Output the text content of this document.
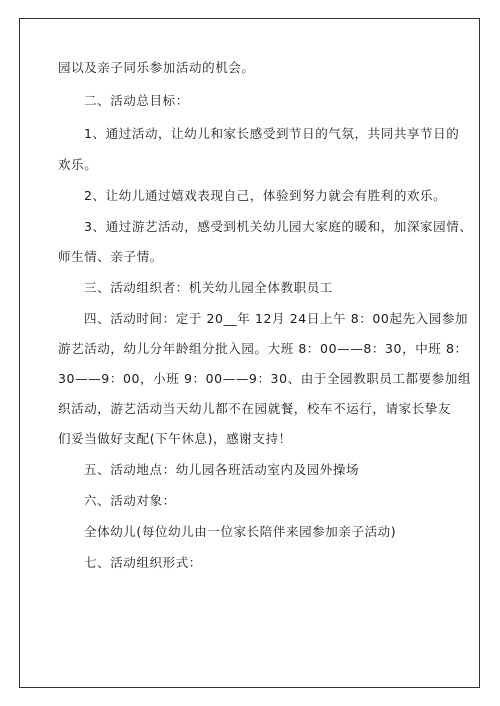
园以及亲子同乐参加活动的机会。

二、活动总目标：

1、通过活动，让幼儿和家长感受到节日的气氛，共同共享节日的

欢乐。

2、让幼儿通过嬉戏表现自己，体验到努力就会有胜利的欢乐。

3、通过游艺活动，感受到机关幼儿园大家庭的暖和，加深家园情、

师生情、亲子情。

三、活动组织者：机关幼儿园全体教职员工

四、活动时间：定于 20__年 12月 24日上午 8：00起先入园参加

游艺活动，幼儿分年龄组分批入园。大班 8：00——8：30，中班 8：

30——9：00，小班 9：00——9：30、由于全园教职员工都要参加组

织活动，游艺活动当天幼儿都不在园就餐，校车不运行，请家长挚友

们妥当做好支配(下午休息)，感谢支持！

五、活动地点：幼儿园各班活动室内及园外操场

六、活动对象：

全体幼儿(每位幼儿由一位家长陪伴来园参加亲子活动)

七、活动组织形式：
